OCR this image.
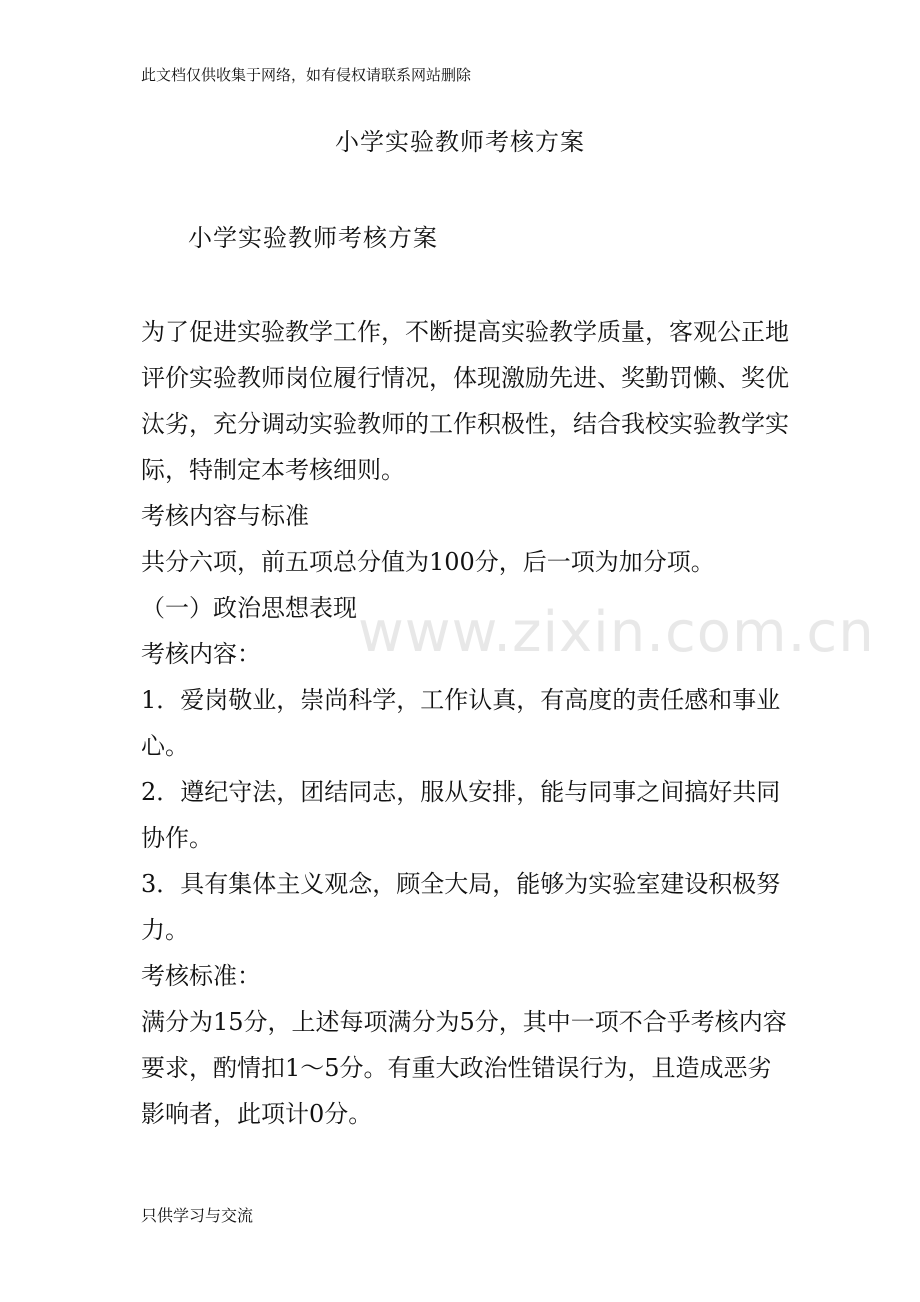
此文档仅供收集于网络，如有侵权请联系网站删除
小学实验教师考核方案
小学实验教师考核方案

为了促进实验教学工作，不断提高实验教学质量，客观公正地评价实验教师岗位履行情况，体现激励先进、奖勤罚懒、奖优汰劣，充分调动实验教师的工作积极性，结合我校实验教学实际，特制定本考核细则。

考核内容与标准

共分六项，前五项总分值为100分，后一项为加分项。

（一）政治思想表现

考核内容：

1．爱岗敬业，崇尚科学，工作认真，有高度的责任感和事业心。

2．遵纪守法，团结同志，服从安排，能与同事之间搞好共同协作。

3．具有集体主义观念，顾全大局，能够为实验室建设积极努力。

考核标准：

满分为15分，上述每项满分为5分，其中一项不合乎考核内容要求，酌情扣1～5分。有重大政治性错误行为，且造成恶劣影响者，此项计0分。

www.zixin.com.cn
只供学习与交流
